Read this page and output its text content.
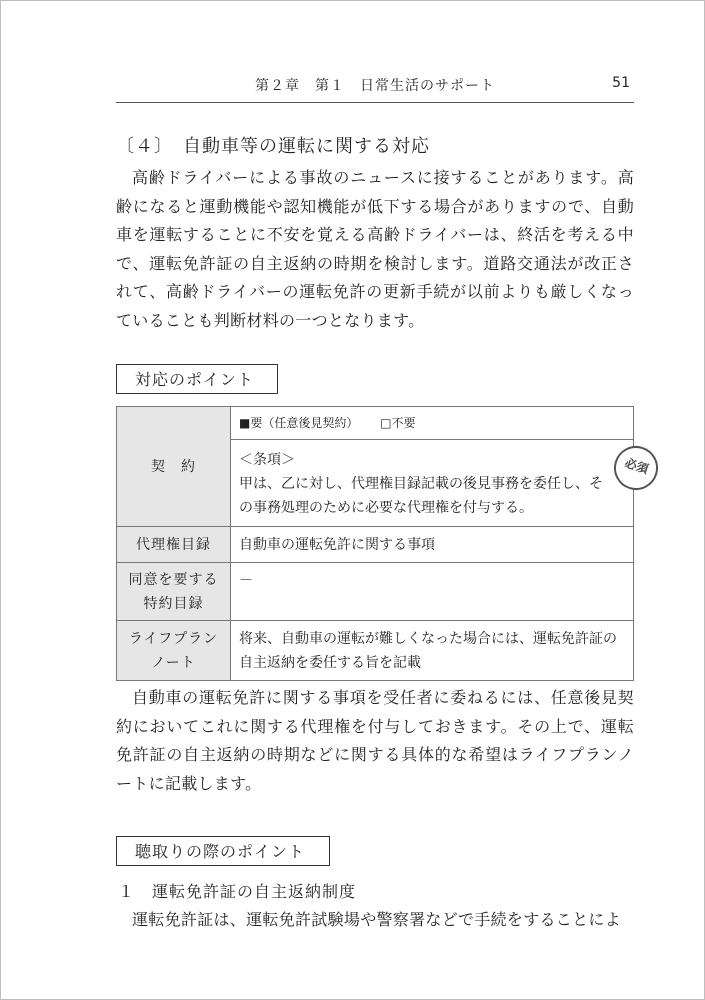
第２章　第１　日常生活のサポート	51
〔４〕　自動車等の運転に関する対応

高齢ドライバーによる事故のニュースに接することがあります。高齢になると運動機能や認知機能が低下する場合がありますので、自動車を運転することに不安を覚える高齢ドライバーは、終活を考える中で、運転免許証の自主返納の時期を検討します。道路交通法が改正されて、高齢ドライバーの運転免許の更新手続が以前よりも厳しくなっていることも判断材料の一つとなります。

対応のポイント
契　約	■要（任意後見契約） □不要
＜条項＞
甲は、乙に対し、代理権目録記載の後見事務を委任し、その事務処理のために必要な代理権を付与する。

代理権目録	自動車の運転免許に関する事項

同意を要する
特約目録	－

ライフプラン
ノート	将来、自動車の運転が難しくなった場合には、運転免許証の自主返納を委任する旨を記載
必須

自動車の運転免許に関する事項を受任者に委ねるには、任意後見契約においてこれに関する代理権を付与しておきます。その上で、運転免許証の自主返納の時期などに関する具体的な希望はライフプランノートに記載します。

聴取りの際のポイント
１　運転免許証の自主返納制度

運転免許証は、運転免許試験場や警察署などで手続をすることによ
